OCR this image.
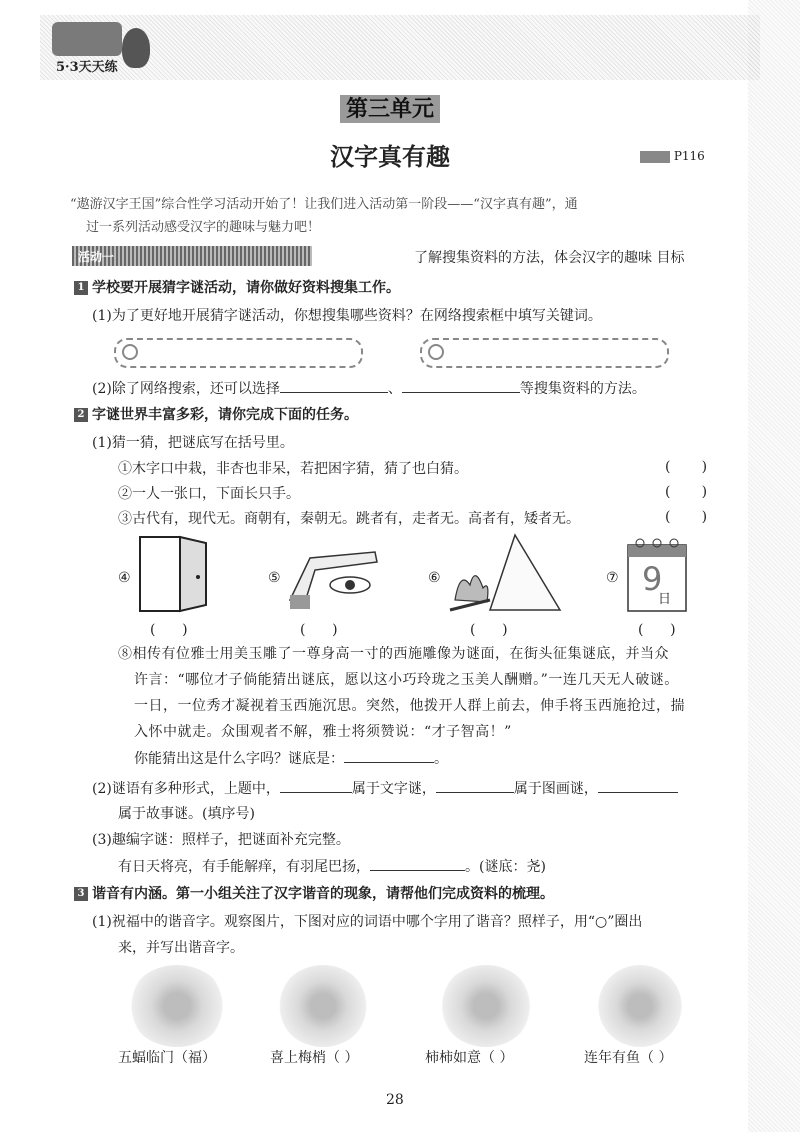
5·3天天练
第三单元
汉字真有趣	P116
“遨游汉字王国”综合性学习活动开始了！让我们进入活动第一阶段——“汉字真有趣”，通
过一系列活动感受汉字的趣味与魅力吧！
活动一	了解搜集资料的方法，体会汉字的趣味 目标
1 学校要开展猜字谜活动，请你做好资料搜集工作。
(1)为了更好地开展猜字谜活动，你想搜集哪些资料？在网络搜索框中填写关键词。
(2)除了网络搜索，还可以选择	、	等搜集资料的方法。
2 字谜世界丰富多彩，请你完成下面的任务。
(1)猜一猜，把谜底写在括号里。
①木字口中栽，非杏也非呆，若把困字猜，猜了也白猜。	(       )
②一人一张口，下面长只手。	(       )
③古代有，现代无。商朝有，秦朝无。跳者有，走者无。高者有，矮者无。	(       )
④
(      )
⑤
(      )
⑥
(      )
⑦ 9
日
(      )
⑧相传有位雅士用美玉雕了一尊身高一寸的西施雕像为谜面，在街头征集谜底，并当众
许言：“哪位才子倘能猜出谜底，愿以这小巧玲珑之玉美人酬赠。”一连几天无人破谜。
一日，一位秀才凝视着玉西施沉思。突然，他拨开人群上前去，伸手将玉西施抢过，揣
入怀中就走。众围观者不解，雅士将须赞说：“才子智高！”
你能猜出这是什么字吗？谜底是：	。
(2)谜语有多种形式，上题中，	属于文字谜，	属于图画谜，
属于故事谜。(填序号)
(3)趣编字谜：照样子，把谜面补充完整。
有日天将亮，有手能解痒，有羽尾巴扬，	。(谜底：尧)
3 谐音有内涵。第一小组关注了汉字谐音的现象，请帮他们完成资料的梳理。
(1)祝福中的谐音字。观察图片，下图对应的词语中哪个字用了谐音？照样子，用“○”圈出
来，并写出谐音字。
五蝠临门（福）	喜上梅梢（ ）	柿柿如意（ ）	连年有鱼（ ）
28
